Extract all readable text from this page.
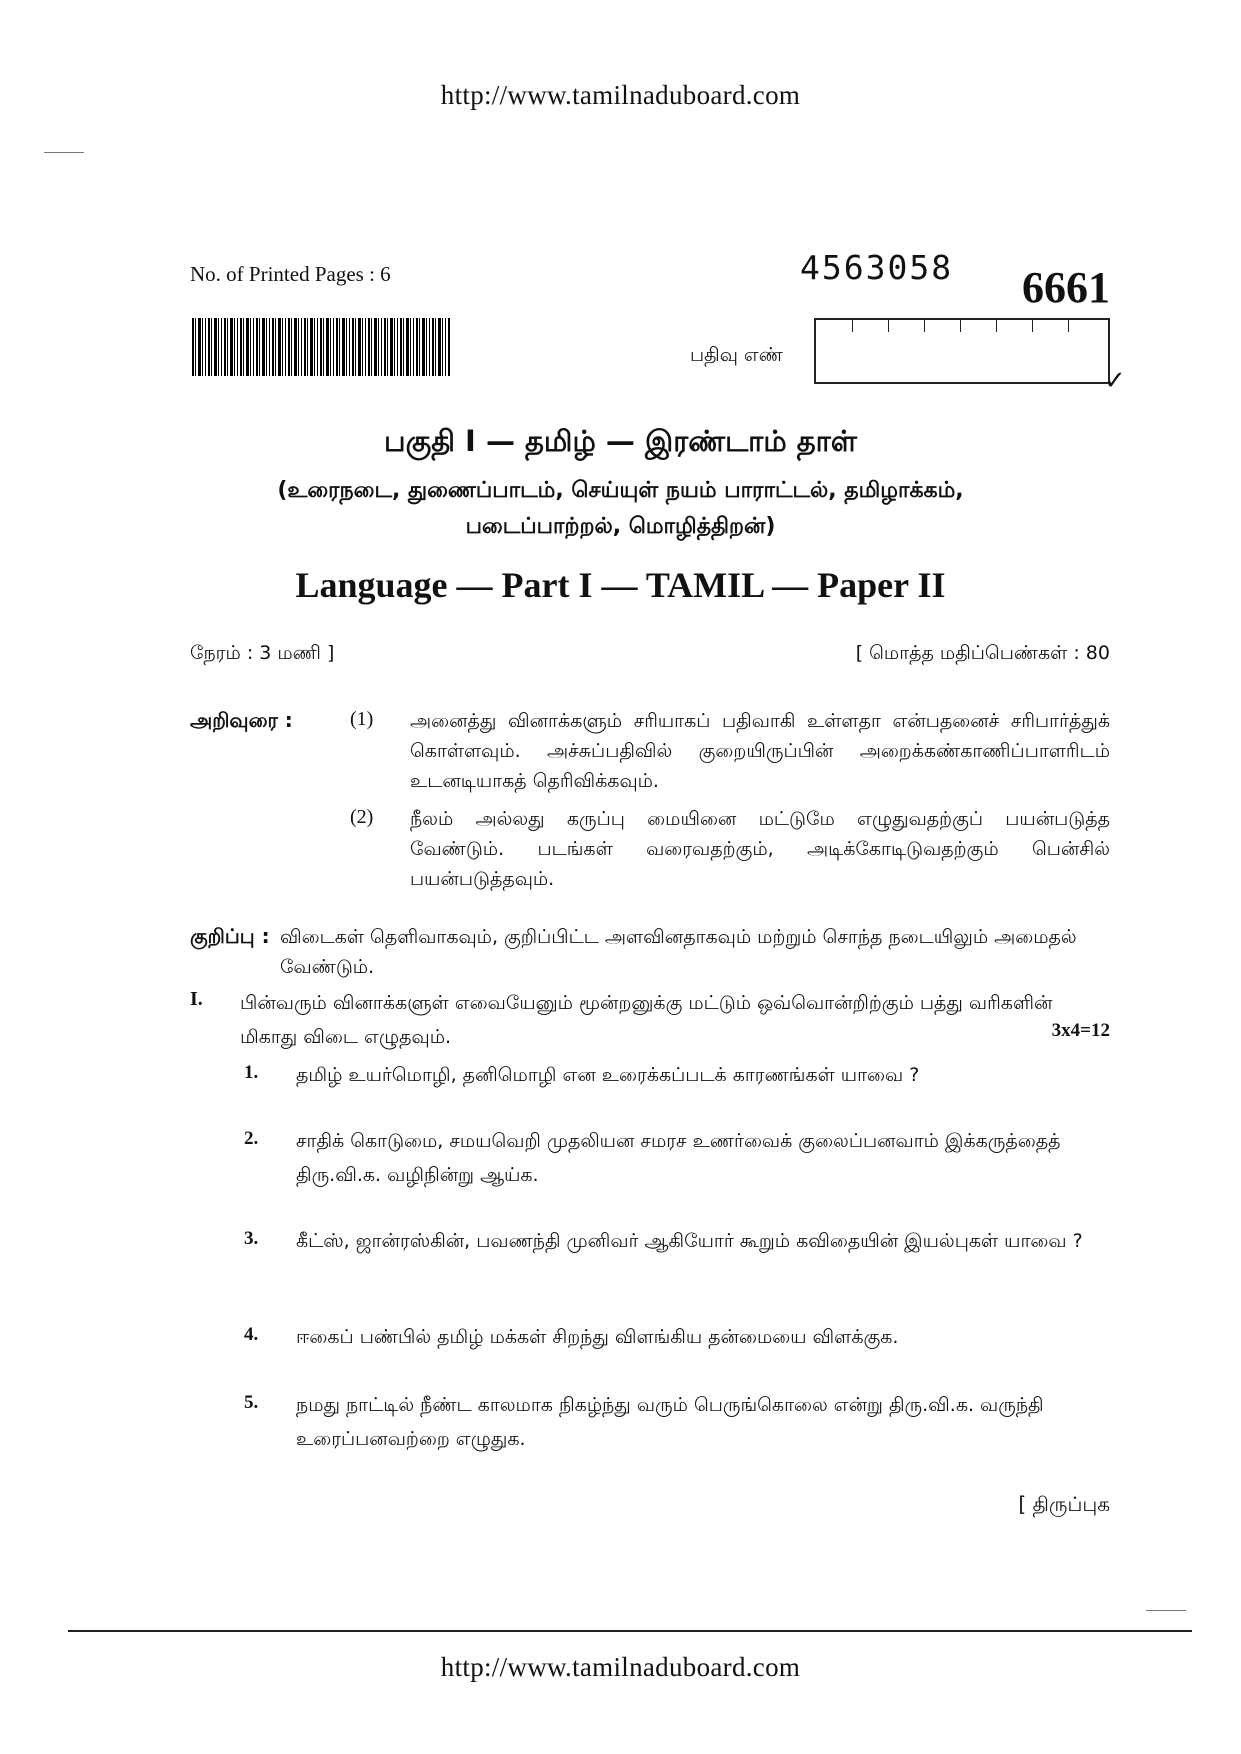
http://www.tamilnaduboard.com
No. of Printed Pages : 6	4563058 6661
பதிவு எண்
✓
பகுதி I — தமிழ் — இரண்டாம் தாள்
(உரைநடை, துணைப்பாடம், செய்யுள் நயம் பாராட்டல், தமிழாக்கம்,
படைப்பாற்றல், மொழித்திறன்)
Language — Part I — TAMIL — Paper II
நேரம் : 3 மணி ]	[ மொத்த மதிப்பெண்கள் : 80
அறிவுரை :	(1) அனைத்து வினாக்களும் சரியாகப் பதிவாகி உள்ளதா என்பதனைச் சரிபார்த்துக் கொள்ளவும். அச்சுப்பதிவில் குறையிருப்பின் அறைக்கண்காணிப்பாளரிடம் உடனடியாகத் தெரிவிக்கவும்.
(2) நீலம் அல்லது கருப்பு மையினை மட்டுமே எழுதுவதற்குப் பயன்படுத்த வேண்டும். படங்கள் வரைவதற்கும், அடிக்கோடிடுவதற்கும் பென்சில் பயன்படுத்தவும்.
குறிப்பு : விடைகள் தெளிவாகவும், குறிப்பிட்ட அளவினதாகவும் மற்றும் சொந்த நடையிலும் அமைதல் வேண்டும்.
I. பின்வரும் வினாக்களுள் எவையேனும் மூன்றனுக்கு மட்டும் ஒவ்வொன்றிற்கும் பத்து வரிகளின் மிகாது விடை எழுதவும்.	3x4=12
1. தமிழ் உயர்மொழி, தனிமொழி என உரைக்கப்படக் காரணங்கள் யாவை ?
2. சாதிக் கொடுமை, சமயவெறி முதலியன சமரச உணர்வைக் குலைப்பனவாம் இக்கருத்தைத் திரு.வி.க. வழிநின்று ஆய்க.
3. கீட்ஸ், ஜான்ரஸ்கின், பவணந்தி முனிவர் ஆகியோர் கூறும் கவிதையின் இயல்புகள் யாவை ?
4. ஈகைப் பண்பில் தமிழ் மக்கள் சிறந்து விளங்கிய தன்மையை விளக்குக.
5. நமது நாட்டில் நீண்ட காலமாக நிகழ்ந்து வரும் பெருங்கொலை என்று திரு.வி.க. வருந்தி உரைப்பனவற்றை எழுதுக.
[ திருப்புக
http://www.tamilnaduboard.com
